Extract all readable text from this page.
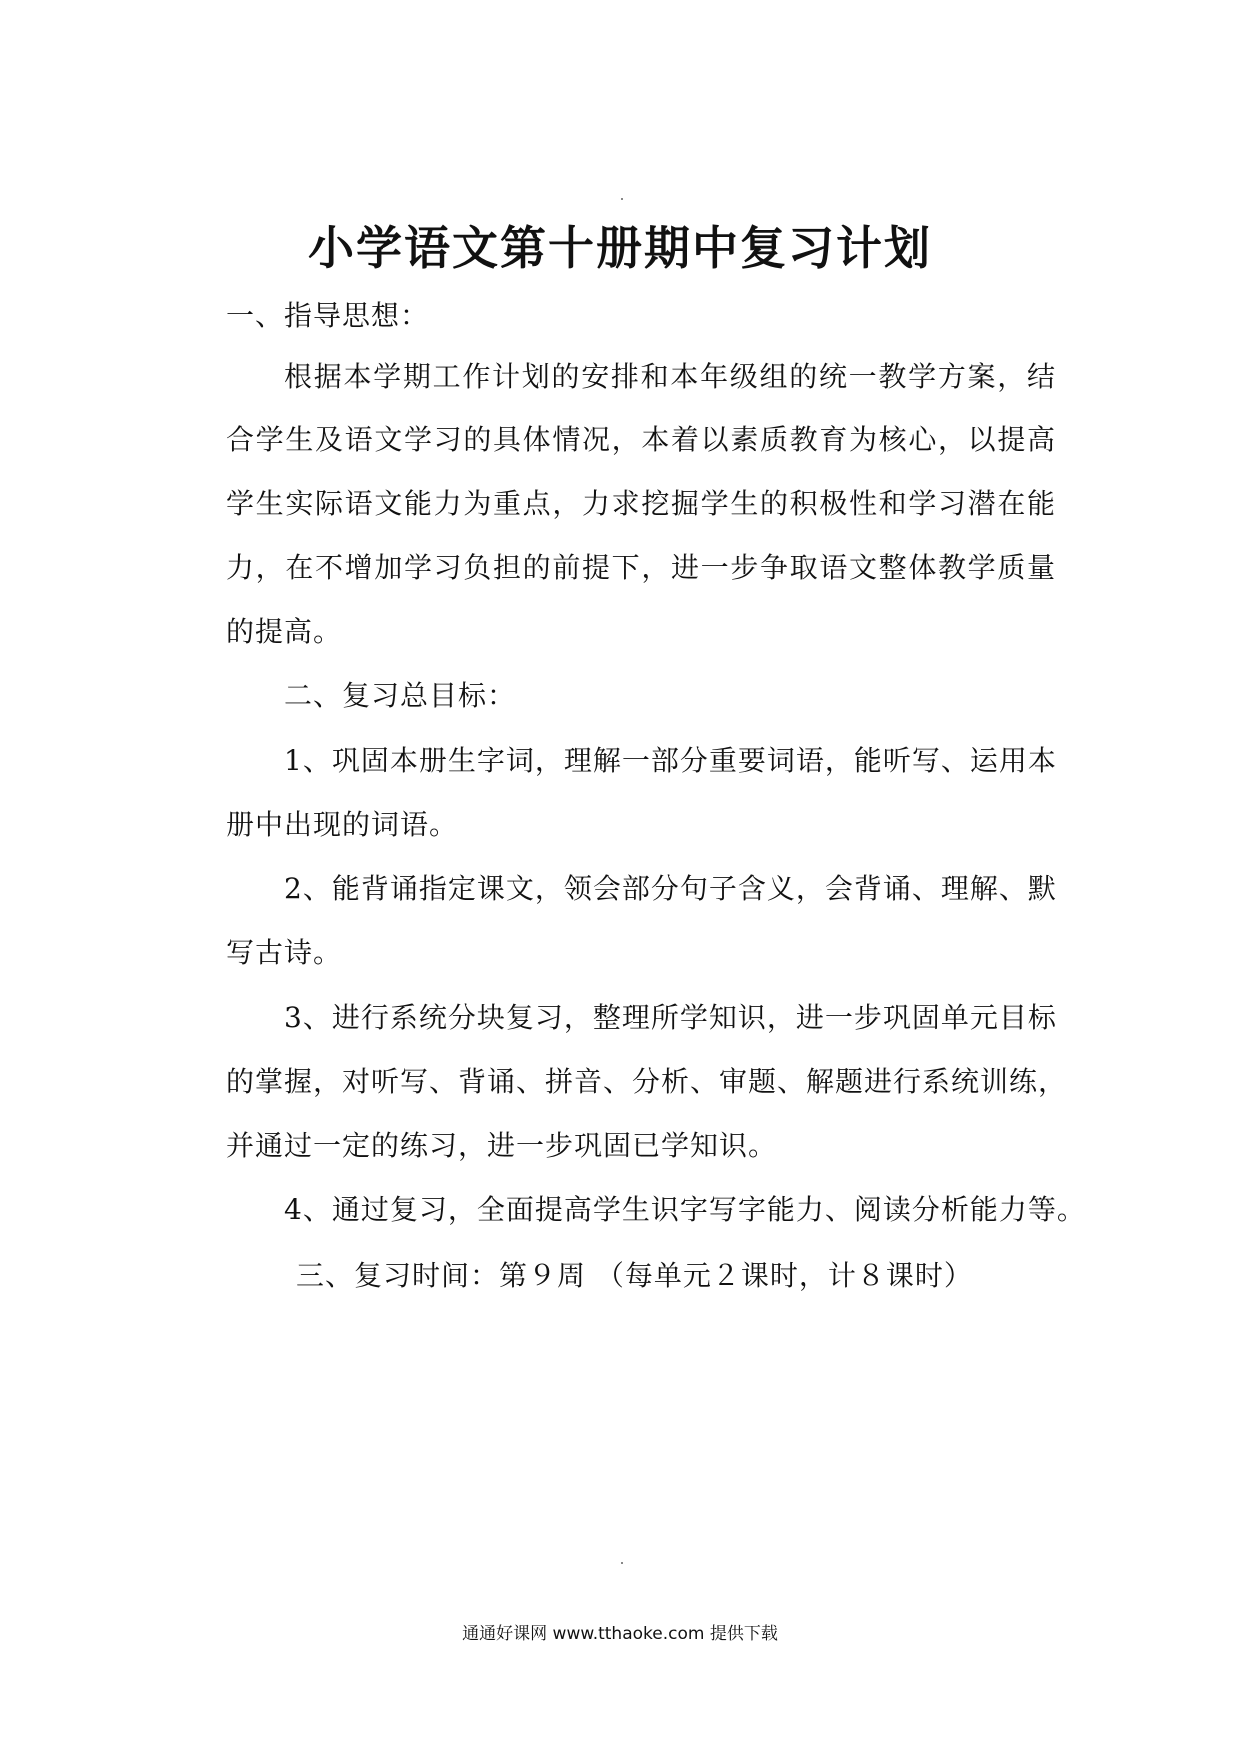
小学语文第十册期中复习计划
一、指导思想：
根据本学期工作计划的安排和本年级组的统一教学方案，结
合学生及语文学习的具体情况，本着以素质教育为核心，以提高
学生实际语文能力为重点，力求挖掘学生的积极性和学习潜在能
力，在不增加学习负担的前提下，进一步争取语文整体教学质量
的提高。
二、复习总目标：
1、巩固本册生字词，理解一部分重要词语，能听写、运用本
册中出现的词语。
2、能背诵指定课文，领会部分句子含义，会背诵、理解、默
写古诗。
3、进行系统分块复习，整理所学知识，进一步巩固单元目标
的掌握，对听写、背诵、拼音、分析、审题、解题进行系统训练，
并通过一定的练习，进一步巩固已学知识。
4、通过复习，全面提高学生识字写字能力、阅读分析能力等。
三、复习时间：第９周 （每单元２课时，计８课时）
通通好课网 www.tthaoke.com 提供下载
